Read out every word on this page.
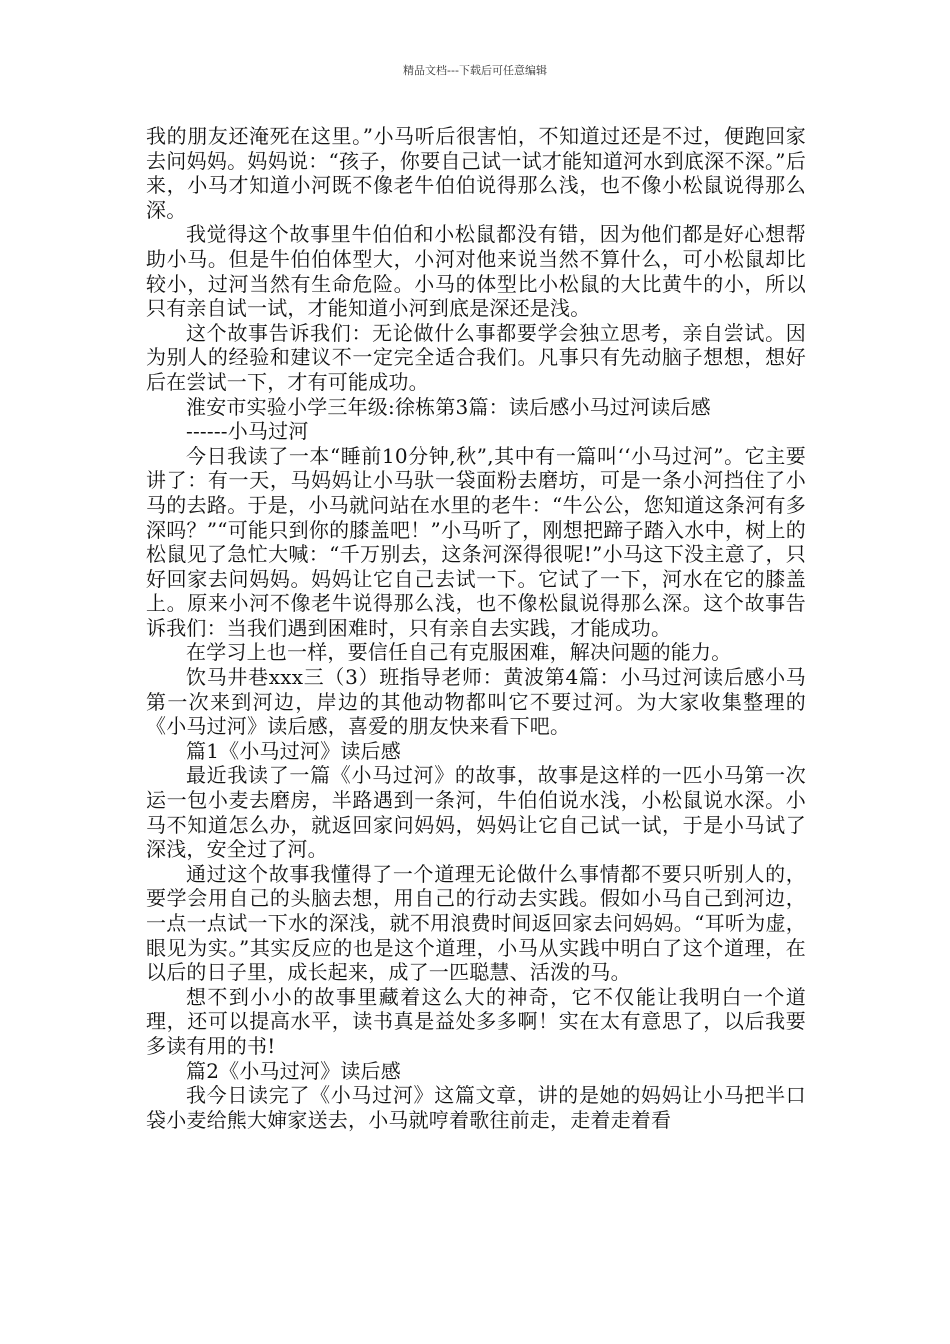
精品文档---下载后可任意编辑

我的朋友还淹死在这里。”小马听后很害怕，不知道过还是不过，便跑回家去问妈妈。妈妈说：“孩子，你要自己试一试才能知道河水到底深不深。”后来，小马才知道小河既不像老牛伯伯说得那么浅，也不像小松鼠说得那么深。

我觉得这个故事里牛伯伯和小松鼠都没有错，因为他们都是好心想帮助小马。但是牛伯伯体型大，小河对他来说当然不算什么，可小松鼠却比较小，过河当然有生命危险。小马的体型比小松鼠的大比黄牛的小，所以只有亲自试一试，才能知道小河到底是深还是浅。

这个故事告诉我们：无论做什么事都要学会独立思考，亲自尝试。因为别人的经验和建议不一定完全适合我们。凡事只有先动脑子想想，想好后在尝试一下，才有可能成功。

淮安市实验小学三年级:徐栋第3篇：读后感小马过河读后感

------小马过河

今日我读了一本“睡前10分钟,秋”,其中有一篇叫‘‘小马过河”。它主要讲了：有一天，马妈妈让小马驮一袋面粉去磨坊，可是一条小河挡住了小马的去路。于是，小马就问站在水里的老牛：“牛公公，您知道这条河有多深吗？”“可能只到你的膝盖吧！”小马听了，刚想把蹄子踏入水中，树上的松鼠见了急忙大喊：“千万别去，这条河深得很呢!”小马这下没主意了，只好回家去问妈妈。妈妈让它自己去试一下。它试了一下，河水在它的膝盖上。原来小河不像老牛说得那么浅，也不像松鼠说得那么深。这个故事告诉我们：当我们遇到困难时，只有亲自去实践，才能成功。

在学习上也一样，要信任自己有克服困难，解决问题的能力。

饮马井巷xxx三（3）班指导老师：黄波第4篇：小马过河读后感小马第一次来到河边，岸边的其他动物都叫它不要过河。为大家收集整理的《小马过河》读后感，喜爱的朋友快来看下吧。

篇1《小马过河》读后感

最近我读了一篇《小马过河》的故事，故事是这样的一匹小马第一次运一包小麦去磨房，半路遇到一条河，牛伯伯说水浅，小松鼠说水深。小马不知道怎么办，就返回家问妈妈，妈妈让它自己试一试，于是小马试了深浅，安全过了河。

通过这个故事我懂得了一个道理无论做什么事情都不要只听别人的，要学会用自己的头脑去想，用自己的行动去实践。假如小马自己到河边，一点一点试一下水的深浅，就不用浪费时间返回家去问妈妈。“耳听为虚，眼见为实。”其实反应的也是这个道理，小马从实践中明白了这个道理，在以后的日子里，成长起来，成了一匹聪慧、活泼的马。

想不到小小的故事里藏着这么大的神奇，它不仅能让我明白一个道理，还可以提高水平，读书真是益处多多啊！实在太有意思了，以后我要多读有用的书!

篇2《小马过河》读后感

我今日读完了《小马过河》这篇文章，讲的是她的妈妈让小马把半口袋小麦给熊大婶家送去，小马就哼着歌往前走，走着走着看
